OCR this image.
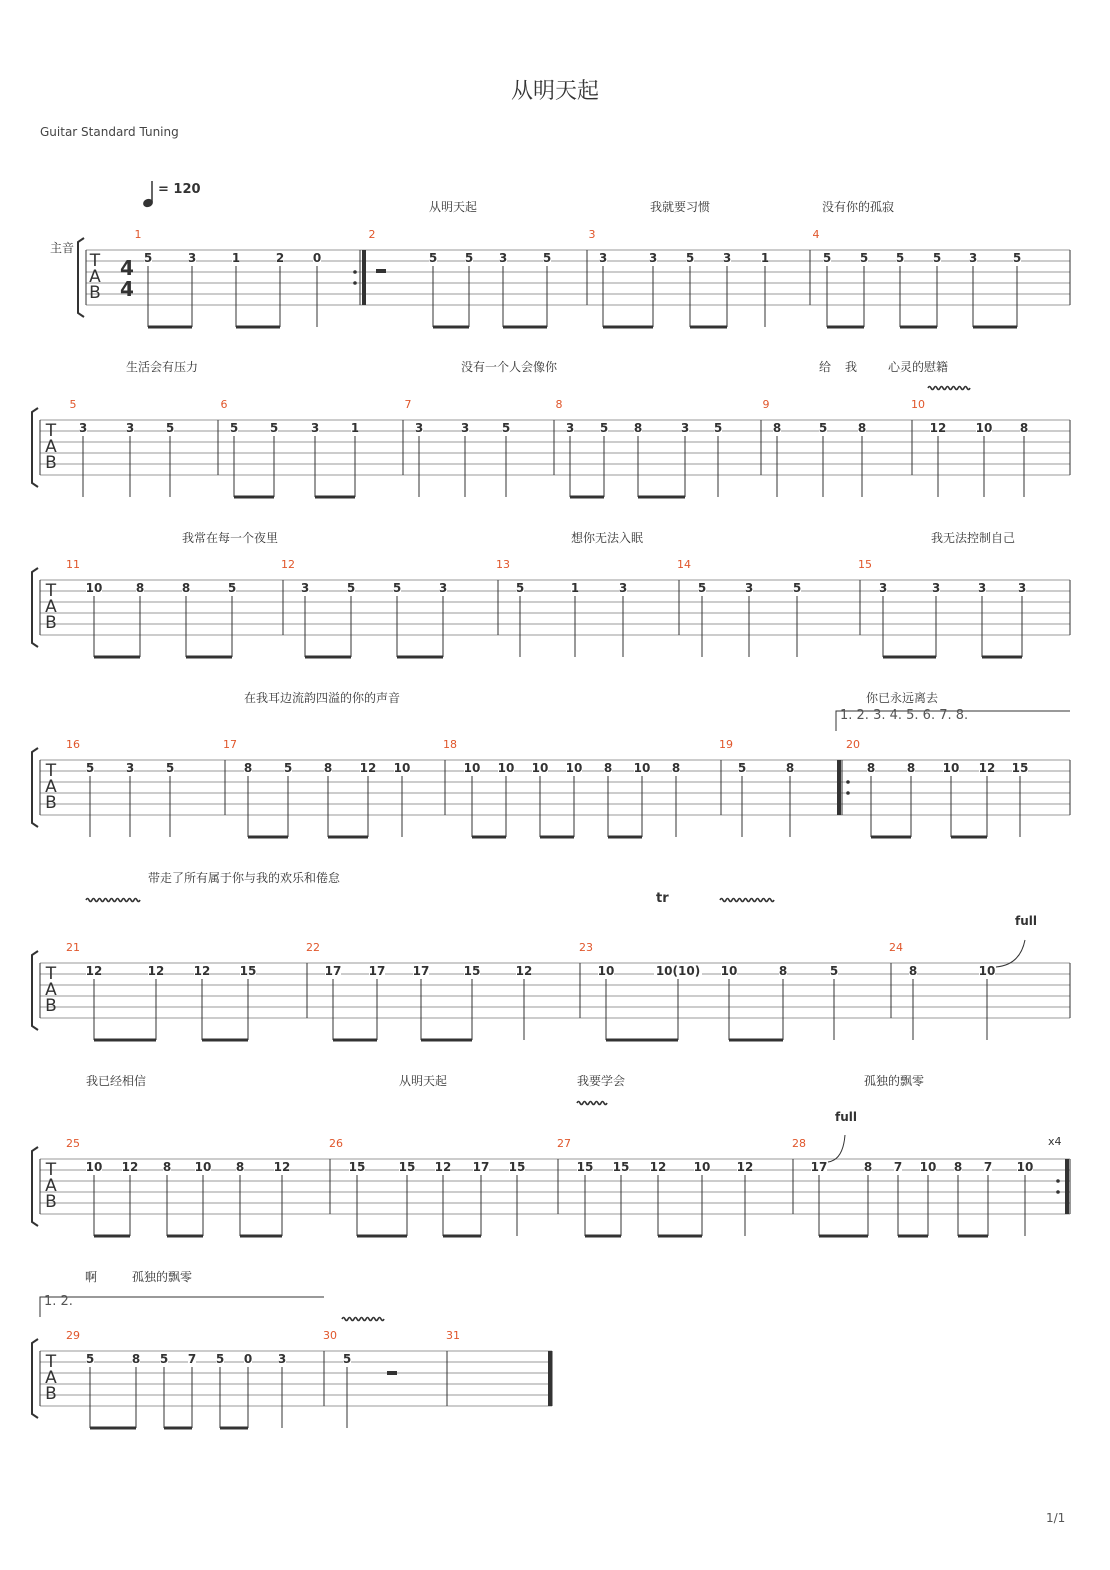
从明天起
Guitar Standard Tuning
1/1
T
A
B
从明天起	我就要习惯	没有你的孤寂
1
5	3	1	2 0
2
5 5 3	5
3
3	3 5 3 1
4
5 5 5 5 3	5
T
A
B
生活会有压力	没有一个人会像你	给 我	心灵的慰籍
5
3	3	5
6
5	5	3	1
7
3	3	5
8
3 5 8	3 5
9
8	5	8
10
12 10 8
T
A
B
我常在每一个夜里	想你无法入眠	我无法控制自己
11
10	8	8	5
12
3	5	5	3
13
5	1	3
14
5	3	5
15
3	3	3	3
T
A
B
在我耳边流韵四溢的你的声音	你已永远离去
1. 2. 3. 4. 5. 6. 7. 8.
16
5	3	5
17
8	5	8 12 10
18
10 10 10 10 8 10 8
19
5	8
20
8	8 10 12 15
T
A
B
带走了所有属于你与我的欢乐和倦怠
21
12	12 12 15
22
17 17 17	15	12
23
10	10(10) 10	8	5
24
8	10
T
A
B
我已经相信	从明天起	我要学会	孤独的飘零
25
10 12 8 10 8 12
26
15	15 12 17 15
27
15 15 12 10 12
28
17	8 7 10 8 7 10
T
A
B
啊	孤独的飘零
1. 2.
29
5	8 5 7 5 0 3
30
5
31
= 120
主音
4
4
x4
full
full
tr
